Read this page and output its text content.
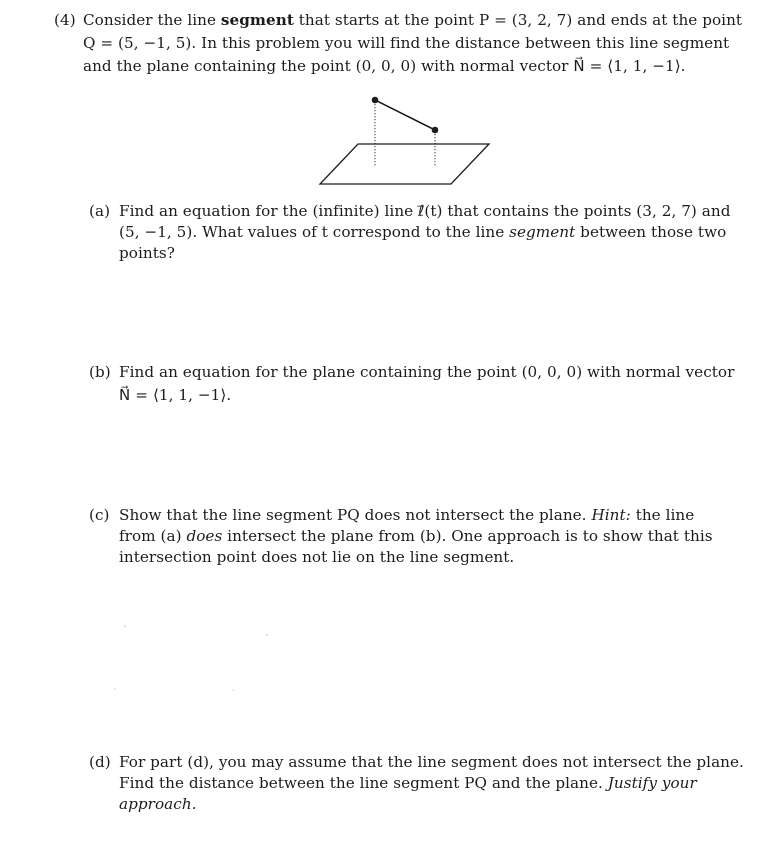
(4) Consider the line segment that starts at the point P = (3, 2, 7) and ends at the point
Q = (5, −1, 5). In this problem you will find the distance between this line segment
and the plane containing the point (0, 0, 0) with normal vector N⃗ = ⟨1, 1, −1⟩.
(a) Find an equation for the (infinite) line ℓ⃗(t) that contains the points (3, 2, 7) and
(5, −1, 5). What values of t correspond to the line segment between those two
points?
(b) Find an equation for the plane containing the point (0, 0, 0) with normal vector
N⃗ = ⟨1, 1, −1⟩.
(c) Show that the line segment PQ does not intersect the plane. Hint: the line
from (a) does intersect the plane from (b). One approach is to show that this
intersection point does not lie on the line segment.
(d) For part (d), you may assume that the line segment does not intersect the plane.
Find the distance between the line segment PQ and the plane. Justify your
approach.
